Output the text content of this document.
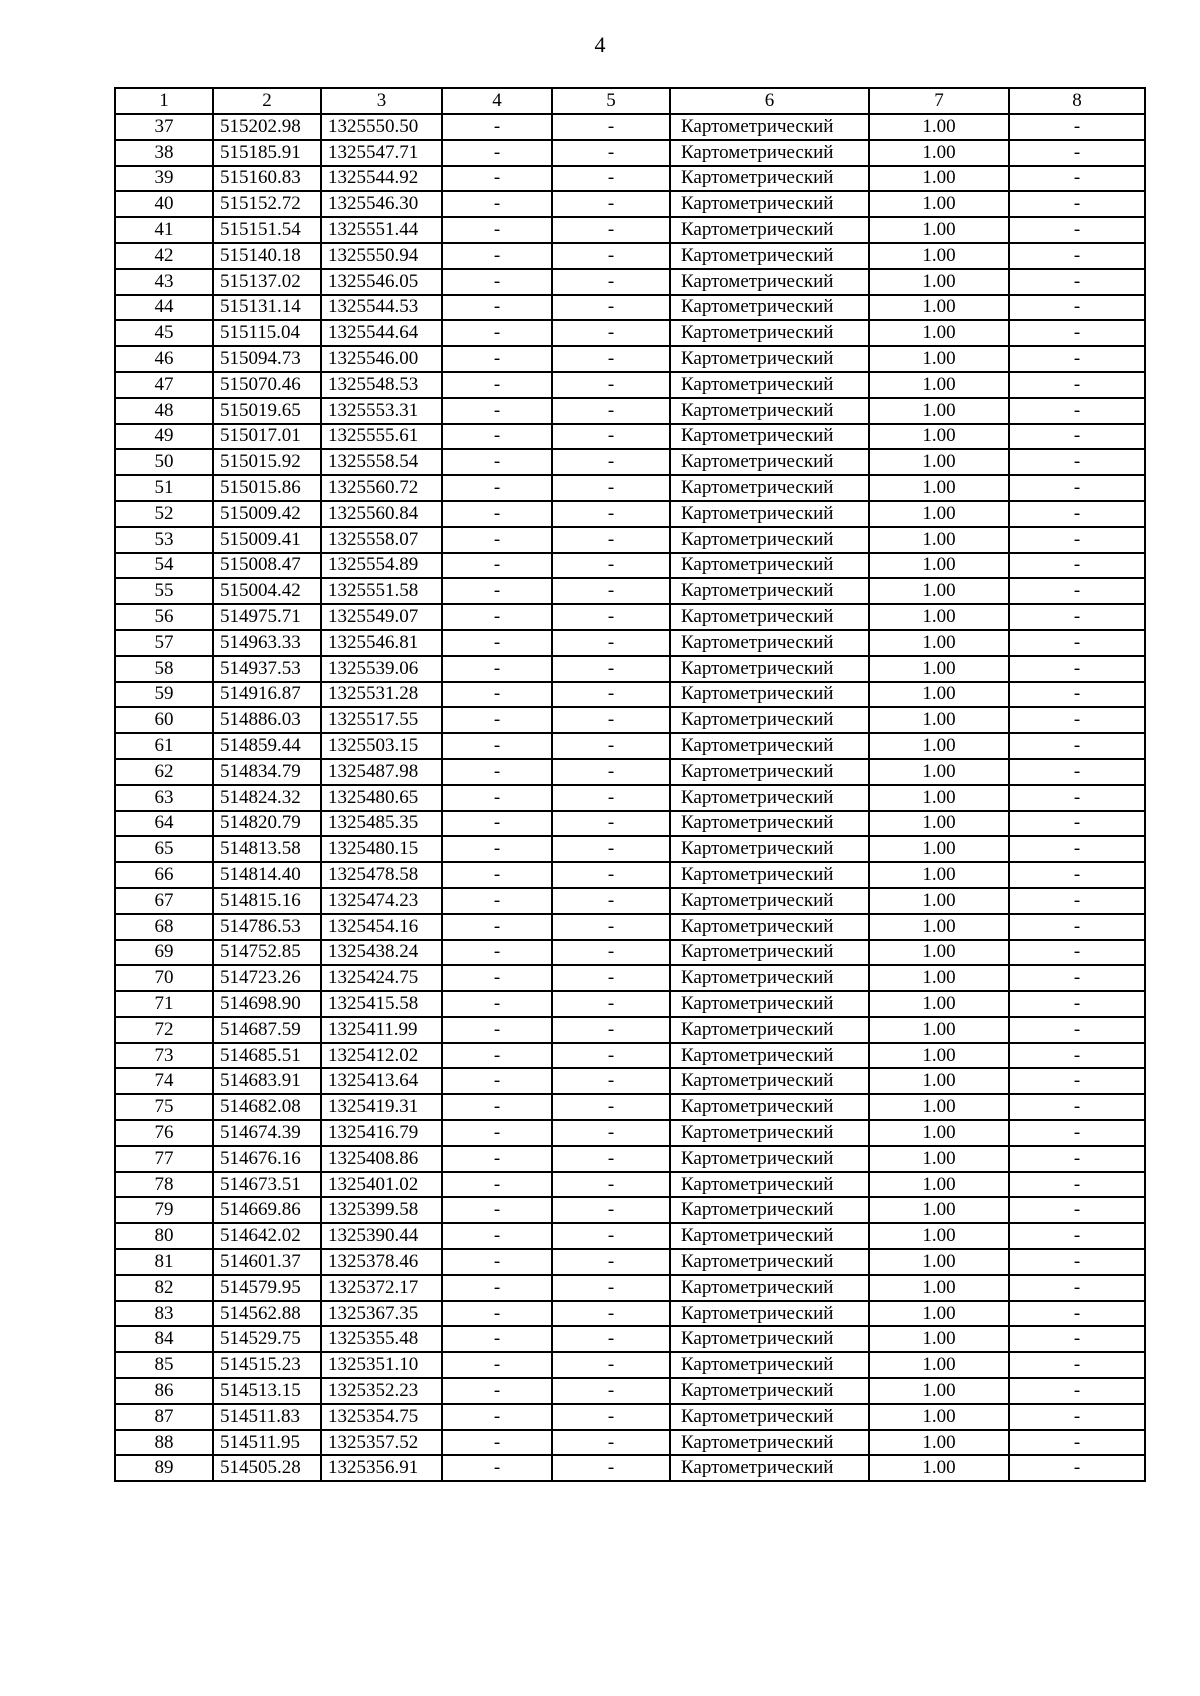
4
1	2	3	4	5	6	7	8
37	515202.98	1325550.50	-	-	Картометрический	1.00	-
38	515185.91	1325547.71	-	-	Картометрический	1.00	-
39	515160.83	1325544.92	-	-	Картометрический	1.00	-
40	515152.72	1325546.30	-	-	Картометрический	1.00	-
41	515151.54	1325551.44	-	-	Картометрический	1.00	-
42	515140.18	1325550.94	-	-	Картометрический	1.00	-
43	515137.02	1325546.05	-	-	Картометрический	1.00	-
44	515131.14	1325544.53	-	-	Картометрический	1.00	-
45	515115.04	1325544.64	-	-	Картометрический	1.00	-
46	515094.73	1325546.00	-	-	Картометрический	1.00	-
47	515070.46	1325548.53	-	-	Картометрический	1.00	-
48	515019.65	1325553.31	-	-	Картометрический	1.00	-
49	515017.01	1325555.61	-	-	Картометрический	1.00	-
50	515015.92	1325558.54	-	-	Картометрический	1.00	-
51	515015.86	1325560.72	-	-	Картометрический	1.00	-
52	515009.42	1325560.84	-	-	Картометрический	1.00	-
53	515009.41	1325558.07	-	-	Картометрический	1.00	-
54	515008.47	1325554.89	-	-	Картометрический	1.00	-
55	515004.42	1325551.58	-	-	Картометрический	1.00	-
56	514975.71	1325549.07	-	-	Картометрический	1.00	-
57	514963.33	1325546.81	-	-	Картометрический	1.00	-
58	514937.53	1325539.06	-	-	Картометрический	1.00	-
59	514916.87	1325531.28	-	-	Картометрический	1.00	-
60	514886.03	1325517.55	-	-	Картометрический	1.00	-
61	514859.44	1325503.15	-	-	Картометрический	1.00	-
62	514834.79	1325487.98	-	-	Картометрический	1.00	-
63	514824.32	1325480.65	-	-	Картометрический	1.00	-
64	514820.79	1325485.35	-	-	Картометрический	1.00	-
65	514813.58	1325480.15	-	-	Картометрический	1.00	-
66	514814.40	1325478.58	-	-	Картометрический	1.00	-
67	514815.16	1325474.23	-	-	Картометрический	1.00	-
68	514786.53	1325454.16	-	-	Картометрический	1.00	-
69	514752.85	1325438.24	-	-	Картометрический	1.00	-
70	514723.26	1325424.75	-	-	Картометрический	1.00	-
71	514698.90	1325415.58	-	-	Картометрический	1.00	-
72	514687.59	1325411.99	-	-	Картометрический	1.00	-
73	514685.51	1325412.02	-	-	Картометрический	1.00	-
74	514683.91	1325413.64	-	-	Картометрический	1.00	-
75	514682.08	1325419.31	-	-	Картометрический	1.00	-
76	514674.39	1325416.79	-	-	Картометрический	1.00	-
77	514676.16	1325408.86	-	-	Картометрический	1.00	-
78	514673.51	1325401.02	-	-	Картометрический	1.00	-
79	514669.86	1325399.58	-	-	Картометрический	1.00	-
80	514642.02	1325390.44	-	-	Картометрический	1.00	-
81	514601.37	1325378.46	-	-	Картометрический	1.00	-
82	514579.95	1325372.17	-	-	Картометрический	1.00	-
83	514562.88	1325367.35	-	-	Картометрический	1.00	-
84	514529.75	1325355.48	-	-	Картометрический	1.00	-
85	514515.23	1325351.10	-	-	Картометрический	1.00	-
86	514513.15	1325352.23	-	-	Картометрический	1.00	-
87	514511.83	1325354.75	-	-	Картометрический	1.00	-
88	514511.95	1325357.52	-	-	Картометрический	1.00	-
89	514505.28	1325356.91	-	-	Картометрический	1.00	-
